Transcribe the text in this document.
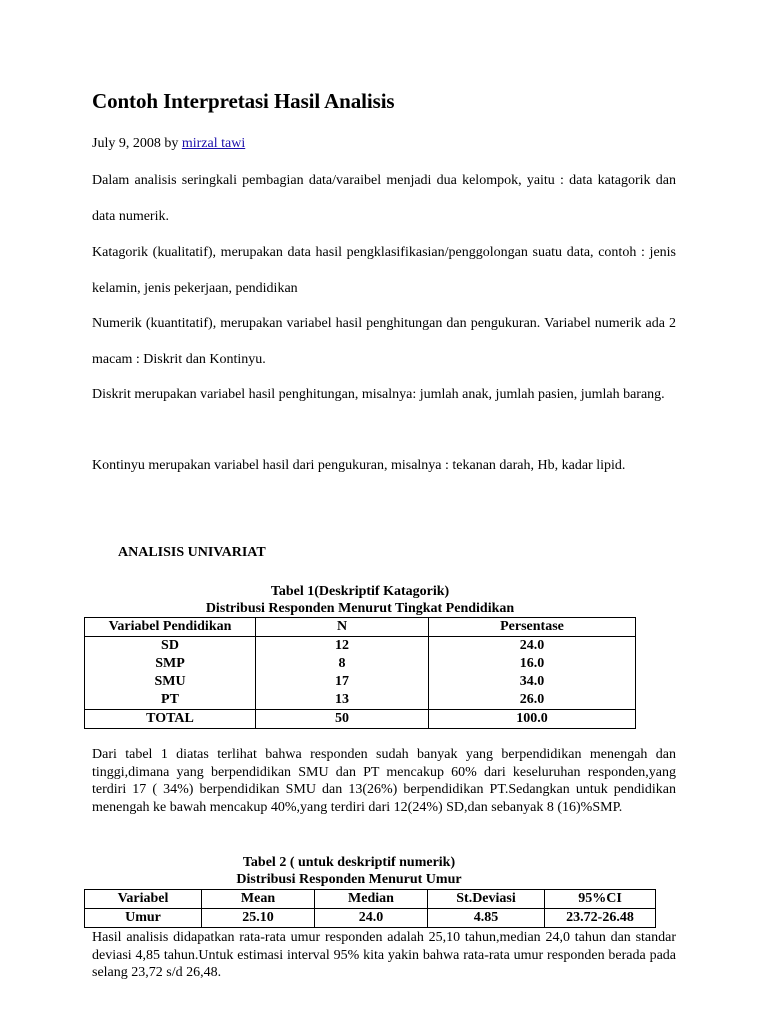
Contoh Interpretasi Hasil Analisis
July 9, 2008 by mirzal tawi

Dalam analisis seringkali pembagian data/varaibel menjadi dua kelompok, yaitu : data katagorik dan data numerik.

Katagorik (kualitatif), merupakan data hasil pengklasifikasian/penggolongan suatu data, contoh : jenis kelamin, jenis pekerjaan, pendidikan

Numerik (kuantitatif), merupakan variabel hasil penghitungan dan pengukuran. Variabel numerik ada 2 macam : Diskrit dan Kontinyu.

Diskrit merupakan variabel hasil penghitungan, misalnya: jumlah anak, jumlah pasien, jumlah barang.

Kontinyu merupakan variabel hasil dari pengukuran, misalnya : tekanan darah, Hb, kadar lipid.

ANALISIS UNIVARIAT
Tabel 1(Deskriptif Katagorik)
Distribusi Responden Menurut Tingkat Pendidikan
Variabel Pendidikan	N	Persentase
SD	12	24.0
SMP	8	16.0
SMU	17	34.0
PT	13	26.0
TOTAL	50	100.0

Dari tabel 1 diatas terlihat bahwa responden sudah banyak yang berpendidikan menengah dan tinggi,dimana yang berpendidikan SMU dan PT mencakup 60% dari keseluruhan responden,yang terdiri 17 ( 34%) berpendidikan SMU dan 13(26%) berpendidikan PT.Sedangkan untuk pendidikan menengah ke bawah mencakup 40%,yang terdiri dari 12(24%) SD,dan sebanyak 8 (16)%SMP.

Tabel 2 ( untuk deskriptif numerik)
Distribusi Responden Menurut Umur
Variabel	Mean	Median	St.Deviasi	95%CI
Umur	25.10	24.0	4.85	23.72-26.48

Hasil analisis didapatkan rata-rata umur responden adalah 25,10 tahun,median 24,0 tahun dan standar deviasi 4,85 tahun.Untuk estimasi interval 95% kita yakin bahwa rata-rata umur responden berada pada selang 23,72 s/d 26,48.
